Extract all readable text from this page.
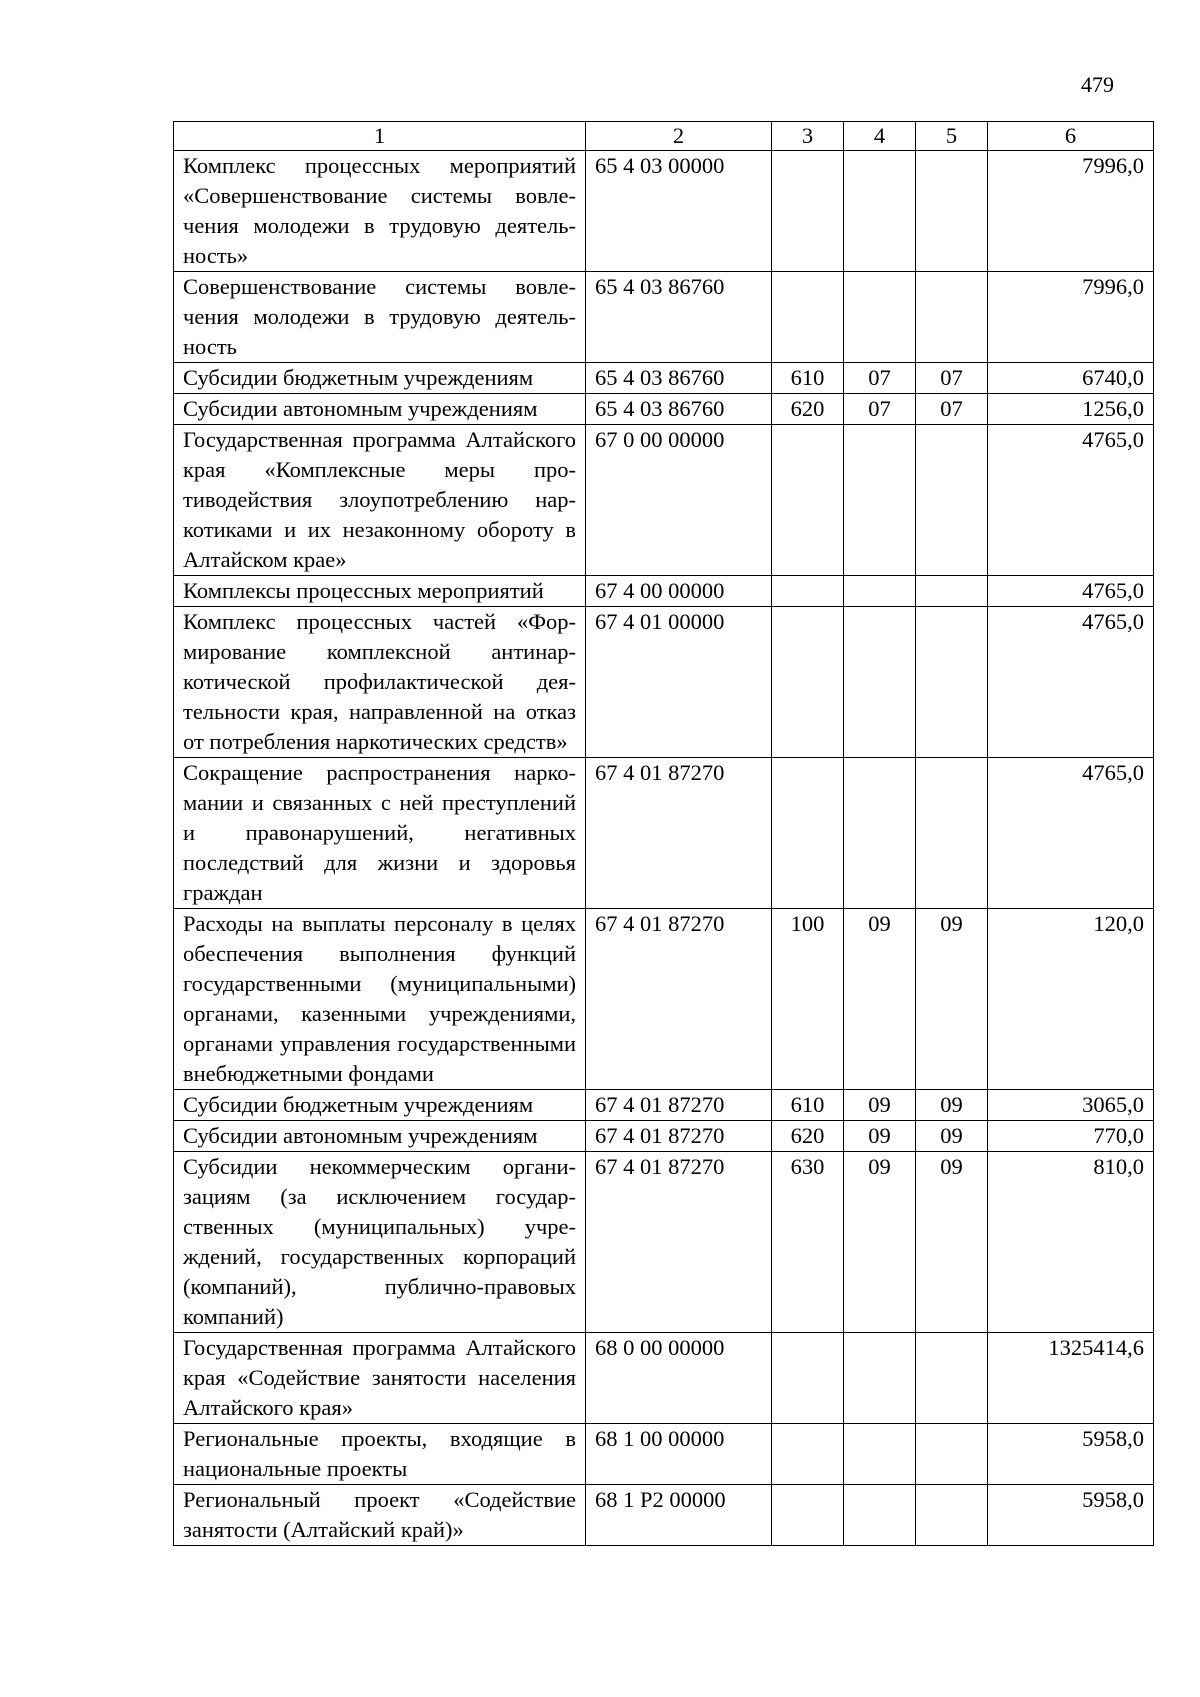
479
1	2	3	4	5	6
Комплекс процессных мероприятий «Совершенствование системы вовлечения молодежи в трудовую деятельность»	65 4 03 00000				7996,0
Совершенствование системы вовлечения молодежи в трудовую деятельность	65 4 03 86760				7996,0
Субсидии бюджетным учреждениям	65 4 03 86760	610	07	07	6740,0
Субсидии автономным учреждениям	65 4 03 86760	620	07	07	1256,0
Государственная программа Алтайского края «Комплексные меры противодействия злоупотреблению наркотиками и их незаконному обороту в Алтайском крае»	67 0 00 00000				4765,0
Комплексы процессных мероприятий	67 4 00 00000				4765,0
Комплекс процессных частей «Формирование комплексной антинаркотической профилактической деятельности края, направленной на отказ от потребления наркотических средств»	67 4 01 00000				4765,0
Сокращение распространения наркомании и связанных с ней преступлений и правонарушений, негативных последствий для жизни и здоровья граждан	67 4 01 87270				4765,0
Расходы на выплаты персоналу в целях обеспечения выполнения функций государственными (муниципальными) органами, казенными учреждениями, органами управления государственными внебюджетными фондами	67 4 01 87270	100	09	09	120,0
Субсидии бюджетным учреждениям	67 4 01 87270	610	09	09	3065,0
Субсидии автономным учреждениям	67 4 01 87270	620	09	09	770,0
Субсидии некоммерческим организациям (за исключением государственных (муниципальных) учреждений, государственных корпораций (компаний), публично-правовых компаний)	67 4 01 87270	630	09	09	810,0
Государственная программа Алтайского края «Содействие занятости населения Алтайского края»	68 0 00 00000				1325414,6
Региональные проекты, входящие в национальные проекты	68 1 00 00000				5958,0
Региональный проект «Содействие занятости (Алтайский край)»	68 1 P2 00000				5958,0
